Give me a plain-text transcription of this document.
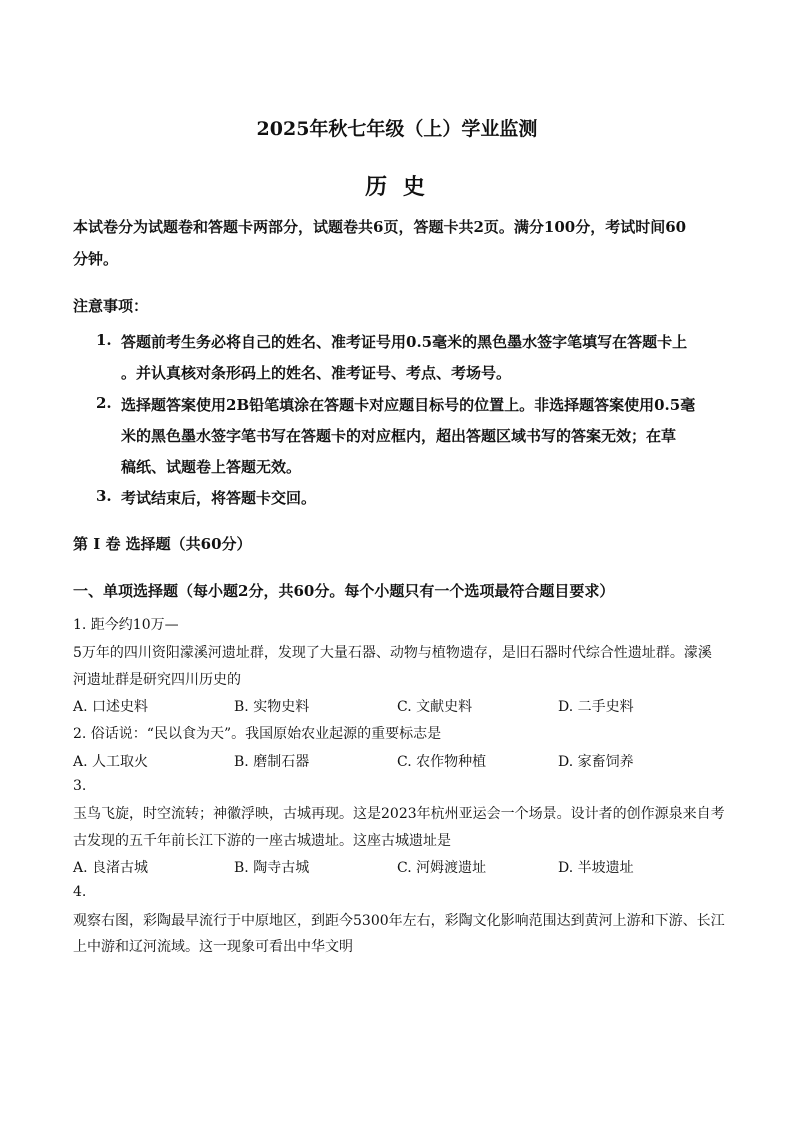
2025年秋七年级（上）学业监测
历 史
本试卷分为试题卷和答题卡两部分，试题卷共6页，答题卡共2页。满分100分，考试时间60
分钟。
注意事项：
1. 答题前考生务必将自己的姓名、准考证号用0.5毫米的黑色墨水签字笔填写在答题卡上
。并认真核对条形码上的姓名、准考证号、考点、考场号。
2. 选择题答案使用2B铅笔填涂在答题卡对应题目标号的位置上。非选择题答案使用0.5毫
米的黑色墨水签字笔书写在答题卡的对应框内，超出答题区域书写的答案无效；在草
稿纸、试题卷上答题无效。
3. 考试结束后，将答题卡交回。
第 I 卷 选择题（共60分）
一、单项选择题（每小题2分，共60分。每个小题只有一个选项最符合题目要求）
1. 距今约10万—
5万年的四川资阳濛溪河遗址群，发现了大量石器、动物与植物遗存，是旧石器时代综合性遗址群。濛溪
河遗址群是研究四川历史的
A. 口述史料	B. 实物史料	C. 文献史料	D. 二手史料
2. 俗话说：“民以食为天”。我国原始农业起源的重要标志是
A. 人工取火	B. 磨制石器	C. 农作物种植	D. 家畜饲养
3.
玉鸟飞旋，时空流转；神徽浮映，古城再现。这是2023年杭州亚运会一个场景。设计者的创作源泉来自考
古发现的五千年前长江下游的一座古城遗址。这座古城遗址是
A. 良渚古城	B. 陶寺古城	C. 河姆渡遗址	D. 半坡遗址
4.
观察右图，彩陶最早流行于中原地区，到距今5300年左右，彩陶文化影响范围达到黄河上游和下游、长江
上中游和辽河流域。这一现象可看出中华文明
